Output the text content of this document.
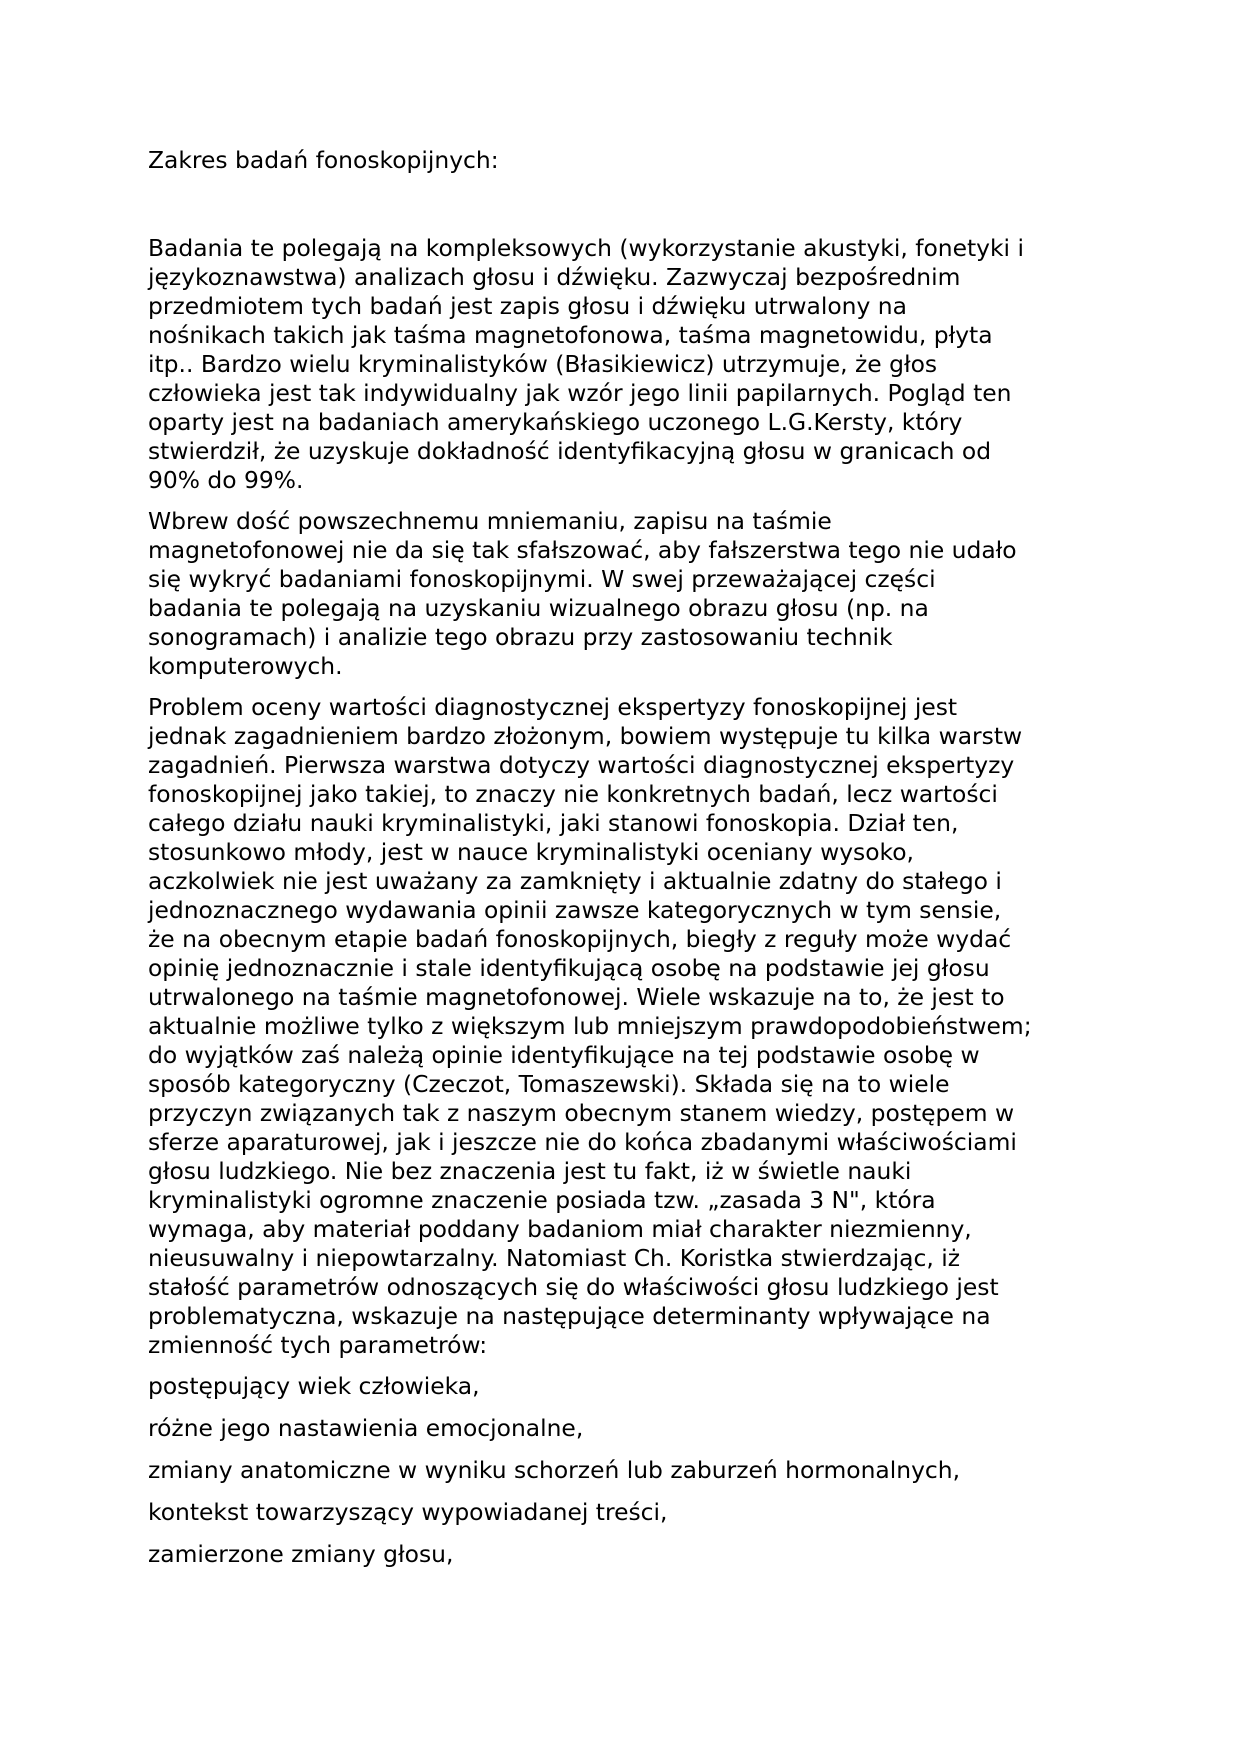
Zakres badań fonoskopijnych:

Badania te polegają na kompleksowych (wykorzystanie akustyki, fonetyki i
językoznawstwa) analizach głosu i dźwięku. Zazwyczaj bezpośrednim
przedmiotem tych badań jest zapis głosu i dźwięku utrwalony na
nośnikach takich jak taśma magnetofonowa, taśma magnetowidu, płyta
itp.. Bardzo wielu kryminalistyków (Błasikiewicz) utrzymuje, że głos
człowieka jest tak indywidualny jak wzór jego linii papilarnych. Pogląd ten
oparty jest na badaniach amerykańskiego uczonego L.G.Kersty, który
stwierdził, że uzyskuje dokładność identyfikacyjną głosu w granicach od
90% do 99%.

Wbrew dość powszechnemu mniemaniu, zapisu na taśmie
magnetofonowej nie da się tak sfałszować, aby fałszerstwa tego nie udało
się wykryć badaniami fonoskopijnymi. W swej przeważającej części
badania te polegają na uzyskaniu wizualnego obrazu głosu (np. na
sonogramach) i analizie tego obrazu przy zastosowaniu technik
komputerowych.

Problem oceny wartości diagnostycznej ekspertyzy fonoskopijnej jest
jednak zagadnieniem bardzo złożonym, bowiem występuje tu kilka warstw
zagadnień. Pierwsza warstwa dotyczy wartości diagnostycznej ekspertyzy
fonoskopijnej jako takiej, to znaczy nie konkretnych badań, lecz wartości
całego działu nauki kryminalistyki, jaki stanowi fonoskopia. Dział ten,
stosunkowo młody, jest w nauce kryminalistyki oceniany wysoko,
aczkolwiek nie jest uważany za zamknięty i aktualnie zdatny do stałego i
jednoznacznego wydawania opinii zawsze kategorycznych w tym sensie,
że na obecnym etapie badań fonoskopijnych, biegły z reguły może wydać
opinię jednoznacznie i stale identyfikującą osobę na podstawie jej głosu
utrwalonego na taśmie magnetofonowej. Wiele wskazuje na to, że jest to
aktualnie możliwe tylko z większym lub mniejszym prawdopodobieństwem;
do wyjątków zaś należą opinie identyfikujące na tej podstawie osobę w
sposób kategoryczny (Czeczot, Tomaszewski). Składa się na to wiele
przyczyn związanych tak z naszym obecnym stanem wiedzy, postępem w
sferze aparaturowej, jak i jeszcze nie do końca zbadanymi właściwościami
głosu ludzkiego. Nie bez znaczenia jest tu fakt, iż w świetle nauki
kryminalistyki ogromne znaczenie posiada tzw. „zasada 3 N", która
wymaga, aby materiał poddany badaniom miał charakter niezmienny,
nieusuwalny i niepowtarzalny. Natomiast Ch. Koristka stwierdzając, iż
stałość parametrów odnoszących się do właściwości głosu ludzkiego jest
problematyczna, wskazuje na następujące determinanty wpływające na
zmienność tych parametrów:

postępujący wiek człowieka,
różne jego nastawienia emocjonalne,
zmiany anatomiczne w wyniku schorzeń lub zaburzeń hormonalnych,
kontekst towarzyszący wypowiadanej treści,
zamierzone zmiany głosu,
